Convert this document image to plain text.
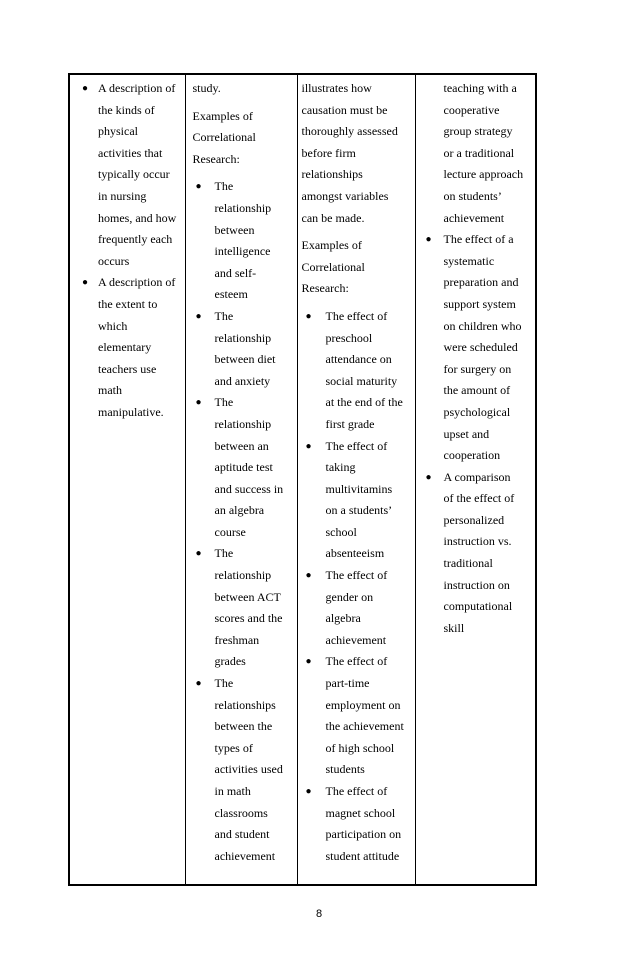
● A description of
the kinds of
physical
activities that
typically occur
in nursing
homes, and how
frequently each
occurs
● A description of
the extent to
which
elementary
teachers use
math
manipulative.

study.
Examples of
Correlational
Research:
● The
relationship
between
intelligence
and self-
esteem
● The
relationship
between diet
and anxiety
● The
relationship
between an
aptitude test
and success in
an algebra
course
● The
relationship
between ACT
scores and the
freshman
grades
● The
relationships
between the
types of
activities used
in math
classrooms
and student
achievement

illustrates how
causation must be
thoroughly assessed
before firm
relationships
amongst variables
can be made.
Examples of
Correlational
Research:
● The effect of
preschool
attendance on
social maturity
at the end of the
first grade
● The effect of
taking
multivitamins
on a students’
school
absenteeism
● The effect of
gender on
algebra
achievement
● The effect of
part-time
employment on
the achievement
of high school
students
● The effect of
magnet school
participation on
student attitude

teaching with a
cooperative
group strategy
or a traditional
lecture approach
on students’
achievement
● The effect of a
systematic
preparation and
support system
on children who
were scheduled
for surgery on
the amount of
psychological
upset and
cooperation
● A comparison
of the effect of
personalized
instruction vs.
traditional
instruction on
computational
skill
8
